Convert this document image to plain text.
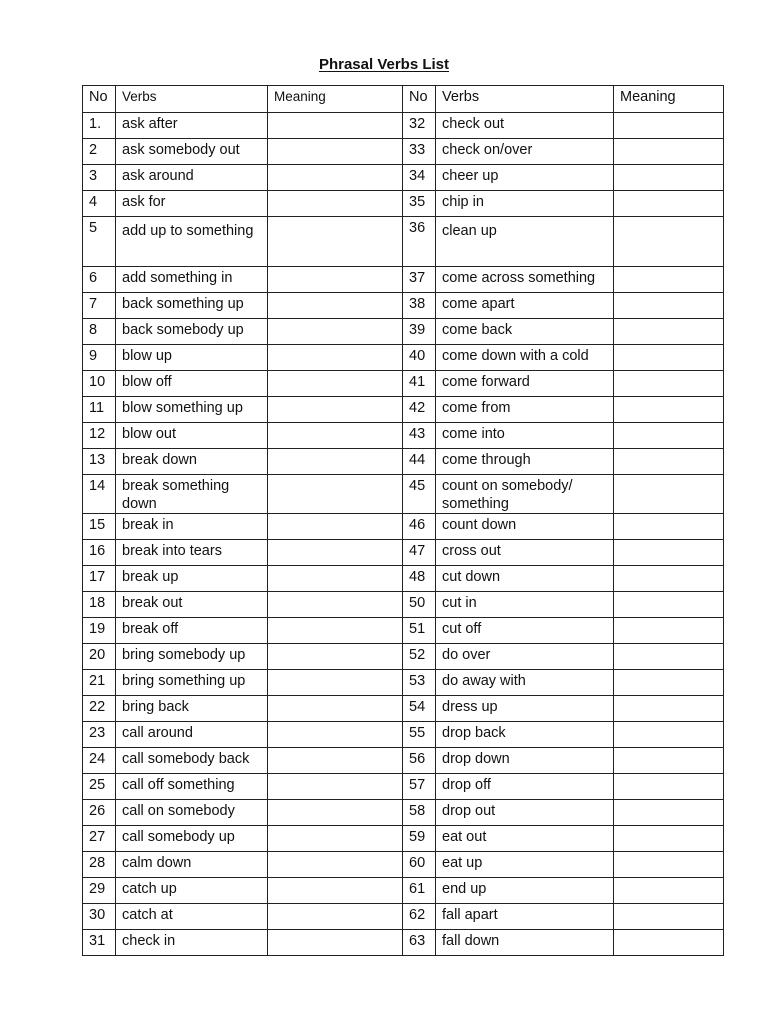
Phrasal Verbs List
No	Verbs	Meaning	No	Verbs	Meaning
1.	ask after		32	check out	
2	ask somebody out		33	check on/over	
3	ask around		34	cheer up	
4	ask for		35	chip in	
5	add up to something		36	clean up	
6	add something in		37	come across something	
7	back something up		38	come apart	
8	back somebody up		39	come back	
9	blow up		40	come down with a cold	
10	blow off		41	come forward	
11	blow something up		42	come from	
12	blow out		43	come into	
13	break down		44	come through	
14	break something down		45	count on somebody/ something	
15	break in		46	count down	
16	break into tears		47	cross out	
17	break up		48	cut down	
18	break out		50	cut in	
19	break off		51	cut off	
20	bring somebody up		52	do over	
21	bring something up		53	do away with	
22	bring back		54	dress up	
23	call around		55	drop back	
24	call somebody back		56	drop down	
25	call off something		57	drop off	
26	call on somebody		58	drop out	
27	call somebody up		59	eat out	
28	calm down		60	eat up	
29	catch up		61	end up	
30	catch at		62	fall apart	
31	check in		63	fall down	
